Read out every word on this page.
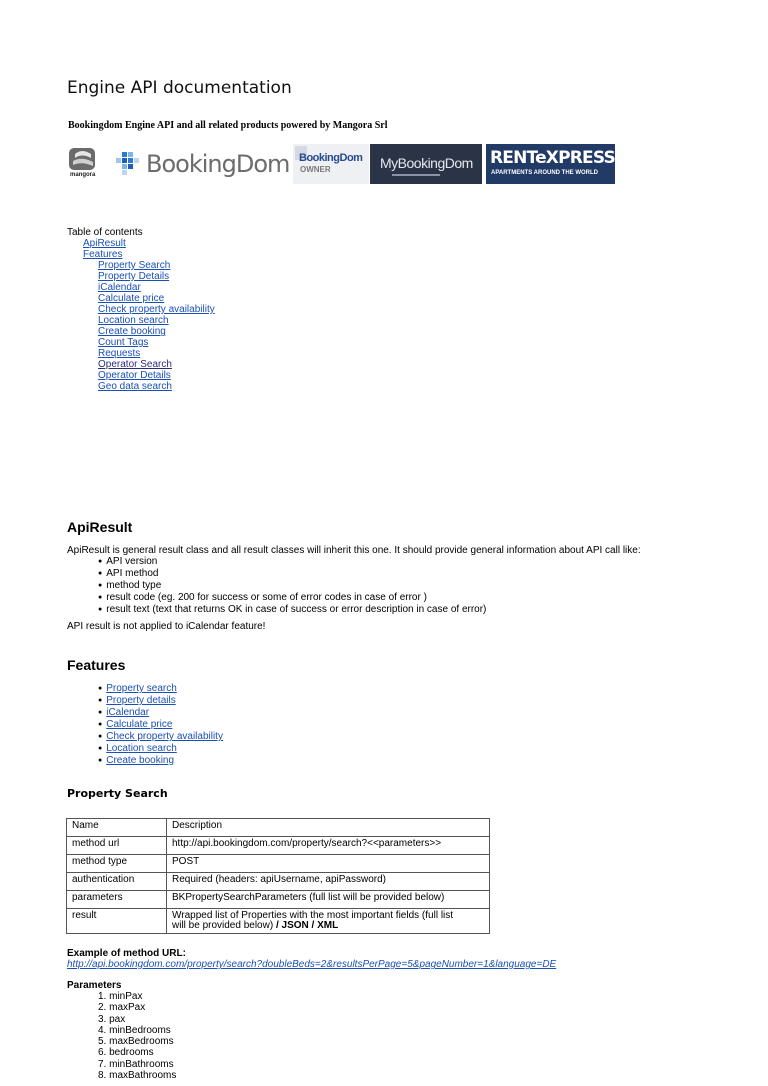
Engine API documentation
Bookingdom Engine API and all related products powered by Mangora Srl
mangora BookingDom BookingDom
OWNER	MyBookingDom RENTeXPRESS
APARTMENTS AROUND THE WORLD
Table of contents
ApiResult
Features
Property Search
Property Details
iCalendar
Calculate price
Check property availability
Location search
Create booking
Count Tags
Requests
Operator Search
Operator Details
Geo data search
ApiResult
ApiResult is general result class and all result classes will inherit this one. It should provide general information about API call like:
● API version
● API method
● method type
● result code (eg. 200 for success or some of error codes in case of error )
● result text (text that returns OK in case of success or error description in case of error)
API result is not applied to iCalendar feature!
Features
● Property search
● Property details
● iCalendar
● Calculate price
● Check property availability
● Location search
● Create booking
Property Search
Name	Description
method url	http://api.bookingdom.com/property/search?<<parameters>>
method type	POST
authentication	Required (headers: apiUsername, apiPassword)
parameters	BKPropertySearchParameters (full list will be provided below)
result	Wrapped list of Properties with the most important fields (full list will be provided below) / JSON / XML
Example of method URL:
http://api.bookingdom.com/property/search?doubleBeds=2&resultsPerPage=5&pageNumber=1&language=DE
Parameters
1. minPax
2. maxPax
3. pax
4. minBedrooms
5. maxBedrooms
6. bedrooms
7. minBathrooms
8. maxBathrooms
